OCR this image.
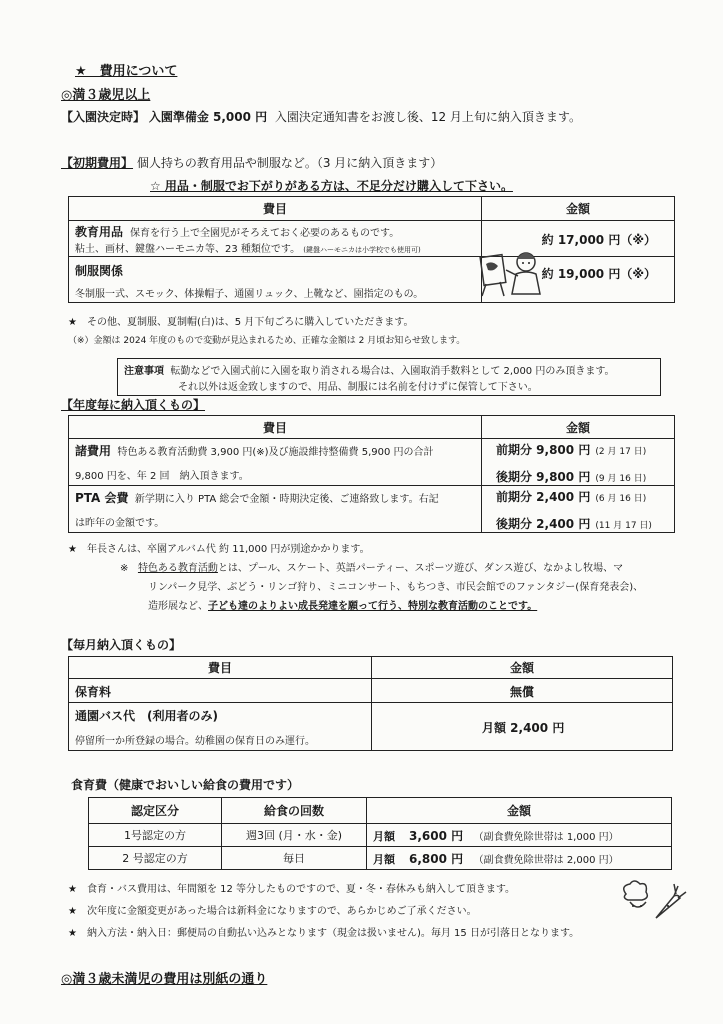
★　費用について
◎満３歳児以上
【入園決定時】 入園準備金 5,000 円 入園決定通知書をお渡し後、12 月上旬に納入頂きます。
【初期費用】 個人持ちの教育用品や制服など。（3 月に納入頂きます）
☆ 用品・制服でお下がりがある方は、不足分だけ購入して下さい。
費目	金額

教育用品 保育を行う上で全園児がそろえておく必要のあるものです。
粘土、画材、鍵盤ハーモニカ等、23 種類位です。 (鍵盤ハーモニカは小学校でも使用可)	約 17,000 円（※）

制服関係
冬制服一式、スモック、体操帽子、通園リュック、上靴など、園指定のもの。	約 19,000 円（※）
★　その他、夏制服、夏制帽(白)は、5 月下旬ごろに購入していただきます。
（※）金額は 2024 年度のもので変動が見込まれるため、正確な金額は 2 月頃お知らせ致します。
注意事項 転勤などで入園式前に入園を取り消される場合は、入園取消手数料として 2,000 円のみ頂きます。
それ以外は返金致しますので、用品、制服には名前を付けずに保管して下さい。
【年度毎に納入頂くもの】
費目	金額

諸費用 特色ある教育活動費 3,900 円(※)及び施設維持整備費 5,900 円の合計
9,800 円を、年 2 回　納入頂きます。	前期分 9,800 円 (2 月 17 日)
後期分 9,800 円 (9 月 16 日)

PTA 会費 新学期に入り PTA 総会で金額・時期決定後、ご連絡致します。右記
は昨年の金額です。	前期分 2,400 円 (6 月 16 日)
後期分 2,400 円 (11 月 17 日)
★　年長さんは、卒園アルバム代 約 11,000 円が別途かかります。
※ 特色ある教育活動とは、プール、スケート、英語パーティー、スポーツ遊び、ダンス遊び、なかよし牧場、マ
リンパーク見学、ぶどう・リンゴ狩り、ミニコンサート、もちつき、市民会館でのファンタジー(保育発表会)、
造形展など、子ども達のよりよい成長発達を願って行う、特別な教育活動のことです。
【毎月納入頂くもの】
費目	金額
保育料	無償

通園バス代　(利用者のみ)
停留所一か所登録の場合。幼稚園の保育日のみ運行。	月額 2,400 円
食育費（健康でおいしい給食の費用です）
認定区分	給食の回数	金額
1号認定の方	週3回 (月・水・金)	月額 3,600 円 （副食費免除世帯は 1,000 円）
2 号認定の方	毎日	月額 6,800 円 （副食費免除世帯は 2,000 円）
★　食育・バス費用は、年間額を 12 等分したものですので、夏・冬・春休みも納入して頂きます。
★　次年度に金額変更があった場合は新料金になりますので、あらかじめご了承ください。
★　納入方法・納入日：郵便局の自動払い込みとなります（現金は扱いません)。毎月 15 日が引落日となります。
◎満３歳未満児の費用は別紙の通り
